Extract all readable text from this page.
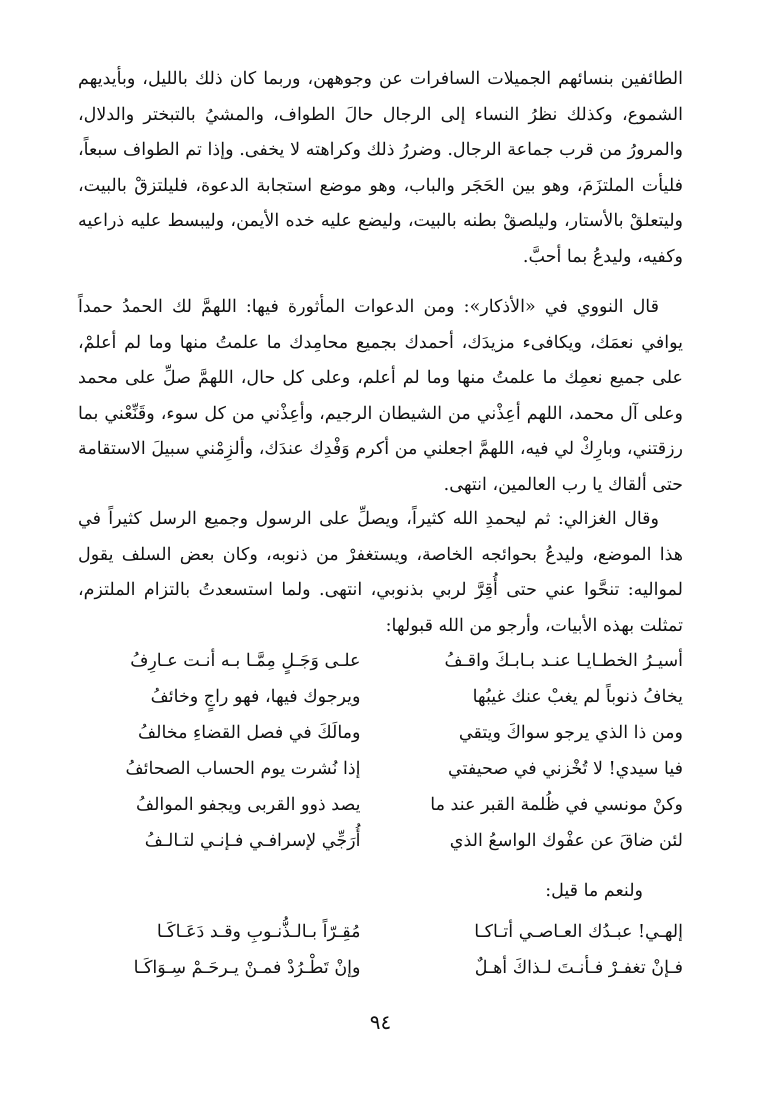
الطائفين بنسائهم الجميلات السافرات عن وجوههن، وربما كان ذلك بالليل، وبأيديهم الشموع، وكذلك نظرُ النساء إلى الرجال حالَ الطواف، والمشيُ بالتبختر والدلال، والمرورُ من قرب جماعة الرجال. وضررُ ذلك وكراهته لا يخفى. وإذا تم الطواف سبعاً، فليأت الملتزَمَ، وهو بين الحَجَر والباب، وهو موضع استجابة الدعوة، فليلتزقْ بالبيت، وليتعلقْ بالأستار، وليلصقْ بطنه بالبيت، وليضع عليه خده الأيمن، وليبسط عليه ذراعيه وكفيه، وليدعُ بما أحبَّ.

قال النووي في «الأذكار»: ومن الدعوات المأثورة فيها: اللهمَّ لك الحمدُ حمداً يوافي نعمَك، ويكافىء مزيدَك، أحمدك بجميع محامِدك ما علمتُ منها وما لم أعلمْ، على جميع نعمِك ما علمتُ منها وما لم أعلم، وعلى كل حال، اللهمَّ صلِّ على محمد وعلى آل محمد، اللهم أعِذْني من الشيطان الرجيم، وأعِذْني من كل سوء، وقَنِّعْني بما رزقتني، وبارِكْ لي فيه، اللهمَّ اجعلني من أكرم وَفْدِك عندَك، وألزِمْني سبيلَ الاستقامة حتى ألقاك يا رب العالمين، انتهى.

وقال الغزالي: ثم ليحمدِ الله كثيراً، ويصلِّ على الرسول وجميع الرسل كثيراً في هذا الموضع، وليدعُ بحوائجه الخاصة، ويستغفرْ من ذنوبه، وكان بعض السلف يقول لمواليه: تنحَّوا عني حتى أُقِرَّ لربي بذنوبي، انتهى. ولما استسعدتُ بالتزام الملتزم، تمثلت بهذه الأبيات، وأرجو من الله قبولها:

أسيـرُ الخطـايـا عنـد بـابـكَ واقـفُ
علـى وَجَـلٍ مِمَّـا بـه أنـت عـارِفُ
يخافُ ذنوباً لم يغبْ عنك غيبُها
ويرجوك فيها، فهو راجٍ وخائفُ
ومن ذا الذي يرجو سواكَ ويتقي
ومالَكَ في فصل القضاءِ مخالفُ
فيا سيدي! لا تُخْزني في صحيفتي
إذا نُشرت يوم الحساب الصحائفُ
وكنْ مونسي في ظُلمة القبر عند ما
يصد ذوو القربى ويجفو الموالفُ
لئن ضاقَ عن عفْوك الواسعُ الذي
أُرَجِّي لإسرافـي فـإنـي لتـالـفُ
ولنعم ما قيل:
إلهـي! عبـدُك العـاصـي أتـاكـا
مُقِـرّاً بـالـذُّنـوبِ وقـد دَعَـاكَـا
فـإنْ تغفـرْ فـأنـتَ لـذاكَ أهـلٌ
وإنْ تَطْـرُدْ فمـنْ يـرحَـمْ سِـوَاكَـا
٩٤
